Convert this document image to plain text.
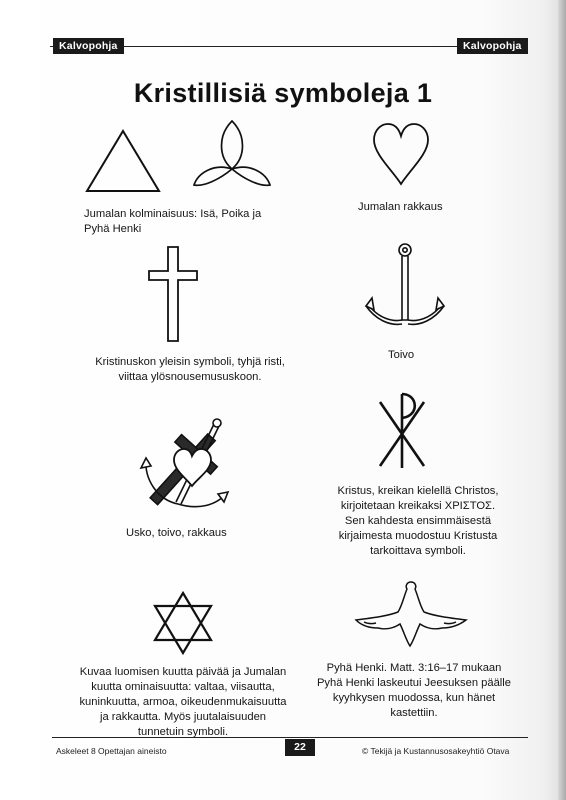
Kalvopohja	Kalvopohja
Kristillisiä symboleja 1

Jumalan kolminaisuus: Isä, Poika ja
Pyhä Henki

Jumalan rakkaus

Kristinuskon yleisin symboli, tyhjä risti,
viittaa ylösnousemususkoon.

Toivo

Kristus, kreikan kielellä Christos,
kirjoitetaan kreikaksi ΧΡΙΣΤΟΣ.
Sen kahdesta ensimmäisestä
kirjaimesta muodostuu Kristusta
tarkoittava symboli.

Usko, toivo, rakkaus

Kuvaa luomisen kuutta päivää ja Jumalan
kuutta ominaisuutta: valtaa, viisautta,
kuninkuutta, armoa, oikeudenmukaisuutta
ja rakkautta. Myös juutalaisuuden
tunnetuin symboli.

Pyhä Henki. Matt. 3:16–17 mukaan
Pyhä Henki laskeutui Jeesuksen päälle
kyyhkysen muodossa, kun hänet
kastettiin.

Askeleet 8 Opettajan aineisto	22	© Tekijä ja Kustannusosakeyhtiö Otava
